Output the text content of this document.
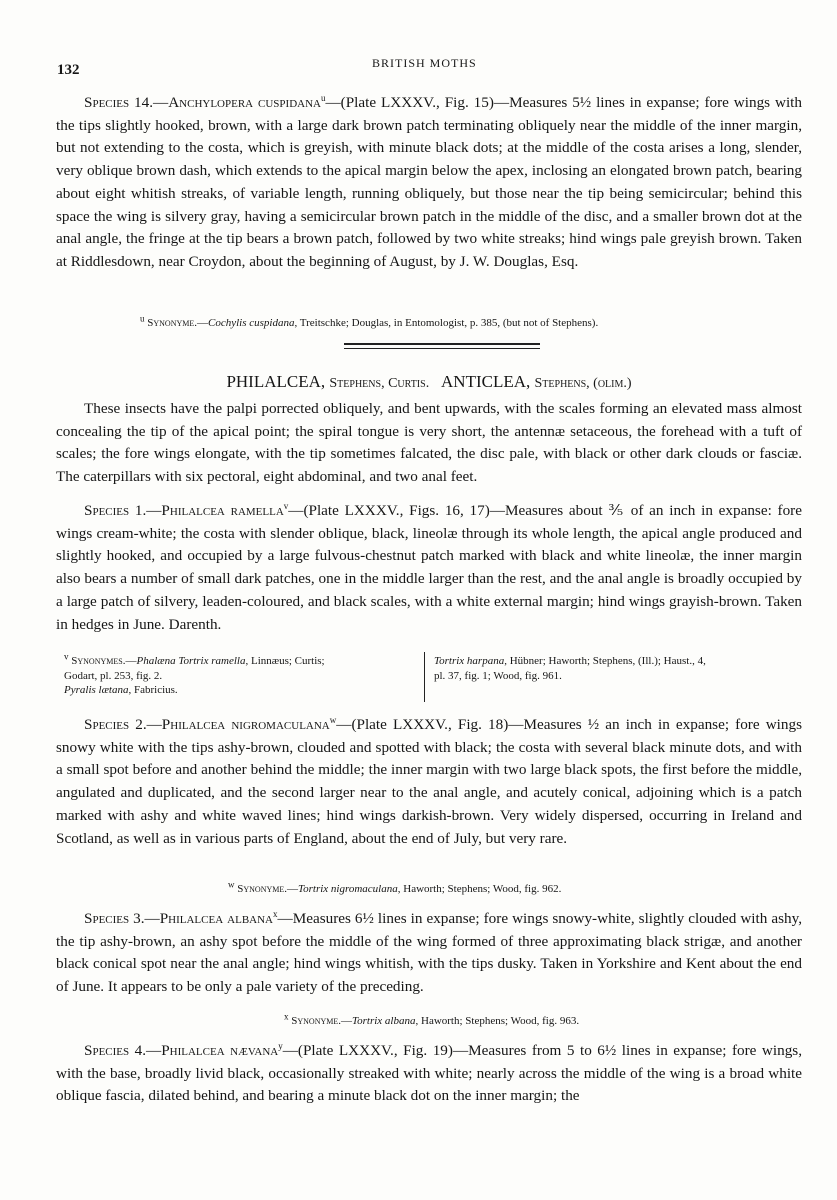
132	BRITISH MOTHS

Species 14.—Anchylopera cuspidana$^u$—(Plate LXXXV., Fig. 15)—Measures 5½ lines in expanse; fore wings with the tips slightly hooked, brown, with a large dark brown patch terminating obliquely near the middle of the inner margin, but not extending to the costa, which is greyish, with minute black dots; at the middle of the costa arises a long, slender, very oblique brown dash, which extends to the apical margin below the apex, inclosing an elongated brown patch, bearing about eight whitish streaks, of variable length, running obliquely, but those near the tip being semicircular; behind this space the wing is silvery gray, having a semicircular brown patch in the middle of the disc, and a smaller brown dot at the anal angle, the fringe at the tip bears a brown patch, followed by two white streaks; hind wings pale greyish brown. Taken at Riddlesdown, near Croydon, about the beginning of August, by J. W. Douglas, Esq.

$^u$ Synonyme.—Cochylis cuspidana, Treitschke; Douglas, in Entomologist, p. 385, (but not of Stephens).
PHILALCEA, Stephens, Curtis. ANTICLEA, Stephens, (olim.)

These insects have the palpi porrected obliquely, and bent upwards, with the scales forming an elevated mass almost concealing the tip of the apical point; the spiral tongue is very short, the antennæ setaceous, the forehead with a tuft of scales; the fore wings elongate, with the tip sometimes falcated, the disc pale, with black or other dark clouds or fasciæ. The caterpillars with six pectoral, eight abdominal, and two anal feet.

Species 1.—Philalcea ramella$^v$—(Plate LXXXV., Figs. 16, 17)—Measures about ⅗ of an inch in expanse: fore wings cream-white; the costa with slender oblique, black, lineolæ through its whole length, the apical angle produced and slightly hooked, and occupied by a large fulvous-chestnut patch marked with black and white lineolæ, the inner margin also bears a number of small dark patches, one in the middle larger than the rest, and the anal angle is broadly occupied by a large patch of silvery, leaden-coloured, and black scales, with a white external margin; hind wings grayish-brown. Taken in hedges in June. Darenth.

$^v$ Synonymes.—Phalæna Tortrix ramella, Linnæus; Curtis;
Godart, pl. 253, fig. 2.
Pyralis lætana, Fabricius.
Tortrix harpana, Hübner; Haworth; Stephens, (Ill.); Haust., 4,
pl. 37, fig. 1; Wood, fig. 961.

Species 2.—Philalcea nigromaculana$^w$—(Plate LXXXV., Fig. 18)—Measures ½ an inch in expanse; fore wings snowy white with the tips ashy-brown, clouded and spotted with black; the costa with several black minute dots, and with a small spot before and another behind the middle; the inner margin with two large black spots, the first before the middle, angulated and duplicated, and the second larger near to the anal angle, and acutely conical, adjoining which is a patch marked with ashy and white waved lines; hind wings darkish-brown. Very widely dispersed, occurring in Ireland and Scotland, as well as in various parts of England, about the end of July, but very rare.

$^w$ Synonyme.—Tortrix nigromaculana, Haworth; Stephens; Wood, fig. 962.

Species 3.—Philalcea albana$^x$—Measures 6½ lines in expanse; fore wings snowy-white, slightly clouded with ashy, the tip ashy-brown, an ashy spot before the middle of the wing formed of three approximating black strigæ, and another black conical spot near the anal angle; hind wings whitish, with the tips dusky. Taken in Yorkshire and Kent about the end of June. It appears to be only a pale variety of the preceding.

$^x$ Synonyme.—Tortrix albana, Haworth; Stephens; Wood, fig. 963.

Species 4.—Philalcea nævana$^y$—(Plate LXXXV., Fig. 19)—Measures from 5 to 6½ lines in expanse; fore wings, with the base, broadly livid black, occasionally streaked with white; nearly across the middle of the wing is a broad white oblique fascia, dilated behind, and bearing a minute black dot on the inner margin; the
